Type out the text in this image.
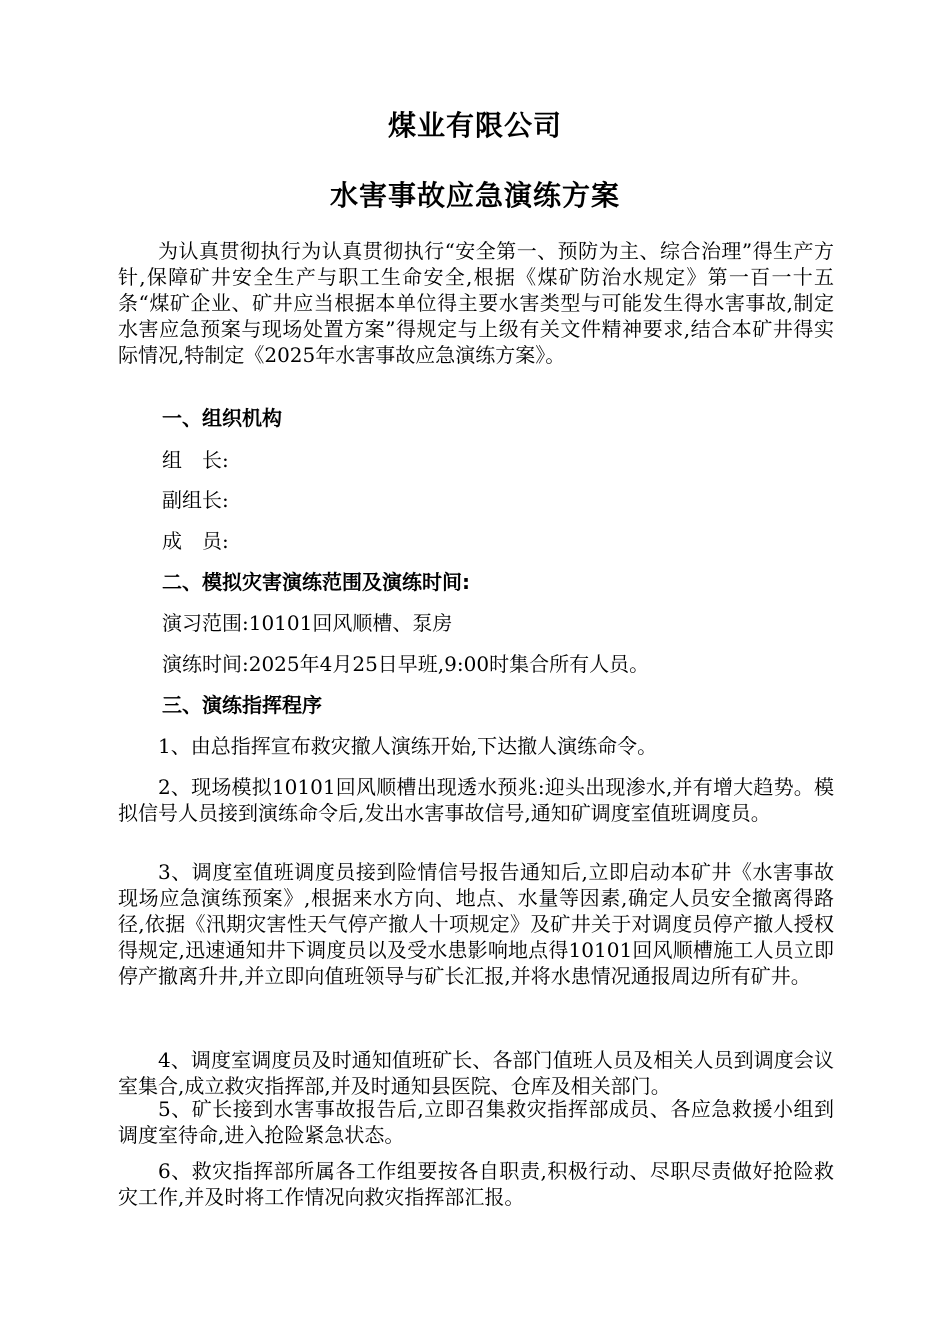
煤业有限公司
水害事故应急演练方案

为认真贯彻执行为认真贯彻执行“安全第一、预防为主、综合治理”得生产方针,保障矿井安全生产与职工生命安全,根据《煤矿防治水规定》第一百一十五条“煤矿企业、矿井应当根据本单位得主要水害类型与可能发生得水害事故,制定水害应急预案与现场处置方案”得规定与上级有关文件精神要求,结合本矿井得实际情况,特制定《2025年水害事故应急演练方案》。

一、组织机构
组　长:
副组长:
成　员:
二、模拟灾害演练范围及演练时间:
演习范围:10101回风顺槽、泵房
演练时间:2025年4月25日早班,9:00时集合所有人员。
三、演练指挥程序

1、由总指挥宣布救灾撤人演练开始,下达撤人演练命令。

2、现场模拟10101回风顺槽出现透水预兆:迎头出现渗水,并有增大趋势。模拟信号人员接到演练命令后,发出水害事故信号,通知矿调度室值班调度员。

3、调度室值班调度员接到险情信号报告通知后,立即启动本矿井《水害事故现场应急演练预案》,根据来水方向、地点、水量等因素,确定人员安全撤离得路径,依据《汛期灾害性天气停产撤人十项规定》及矿井关于对调度员停产撤人授权得规定,迅速通知井下调度员以及受水患影响地点得10101回风顺槽施工人员立即停产撤离升井,并立即向值班领导与矿长汇报,并将水患情况通报周边所有矿井。

4、调度室调度员及时通知值班矿长、各部门值班人员及相关人员到调度会议室集合,成立救灾指挥部,并及时通知县医院、仓库及相关部门。

5、矿长接到水害事故报告后,立即召集救灾指挥部成员、各应急救援小组到调度室待命,进入抢险紧急状态。

6、救灾指挥部所属各工作组要按各自职责,积极行动、尽职尽责做好抢险救灾工作,并及时将工作情况向救灾指挥部汇报。
